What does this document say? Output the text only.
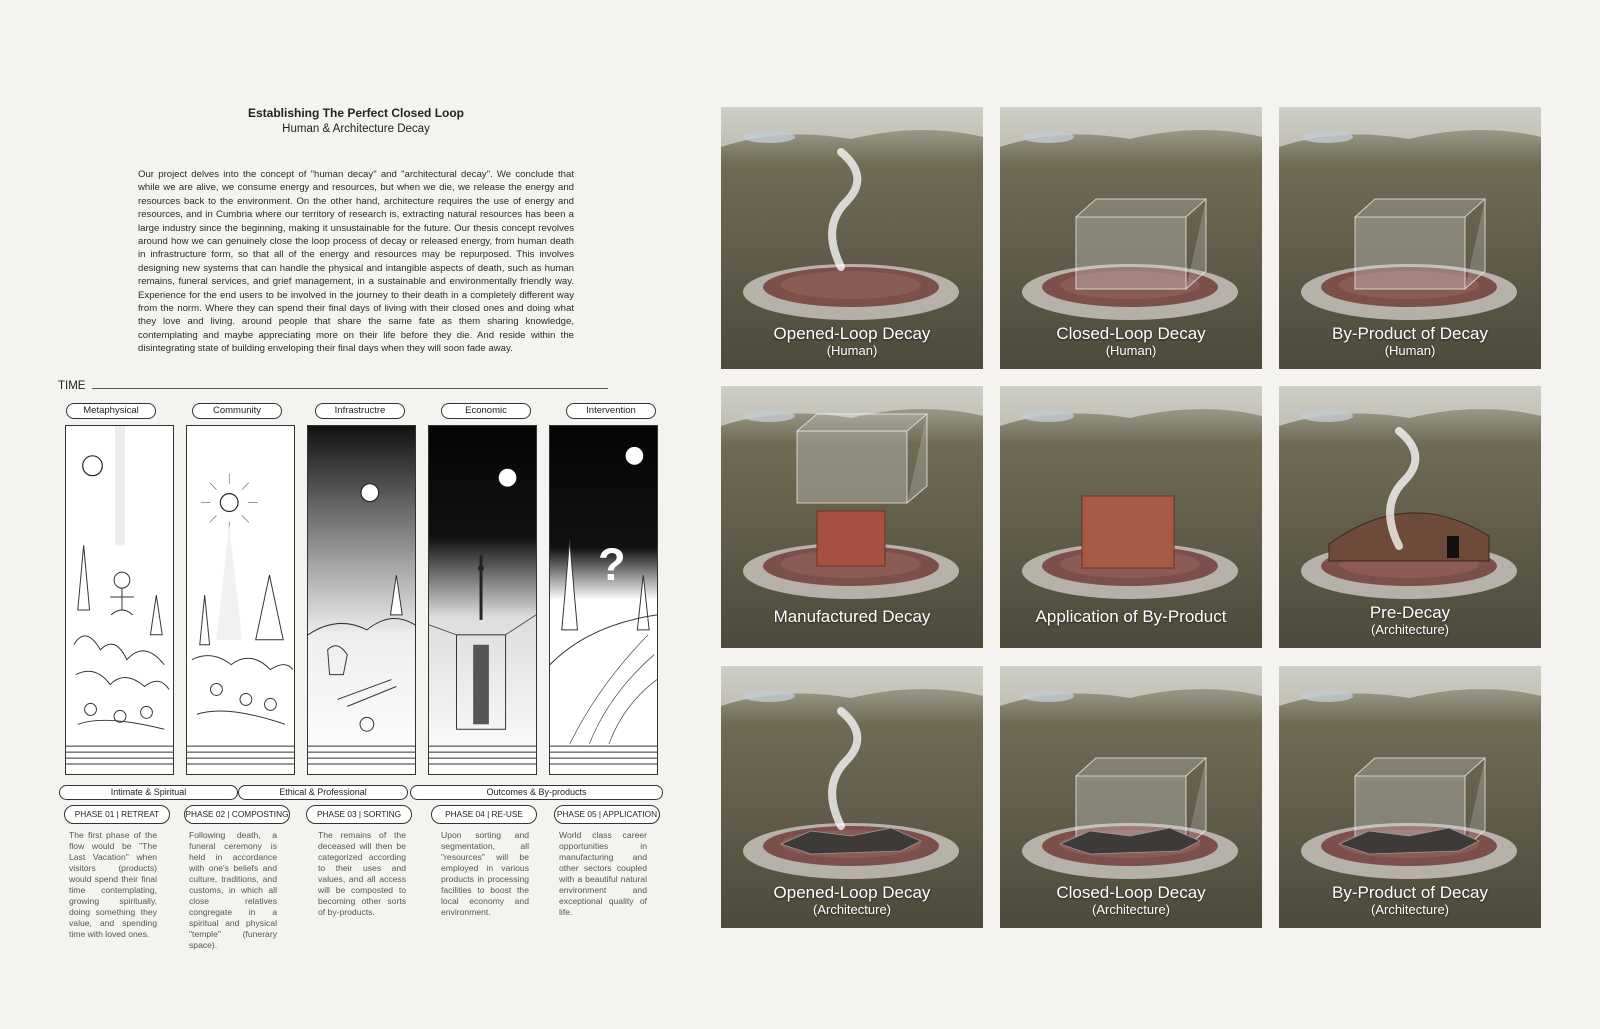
Establishing The Perfect Closed Loop
Human & Architecture Decay
Our project delves into the concept of "human decay" and "architectural decay". We conclude that while we are alive, we consume energy and resources, but when we die, we release the energy and resources back to the environment. On the other hand, architecture requires the use of energy and resources, and in Cumbria where our territory of research is, extracting natural resources has been a large industry since the beginning, making it unsustainable for the future. Our thesis concept revolves around how we can genuinely close the loop process of decay or released energy, from human death in infrastructure form, so that all of the energy and resources may be repurposed. This involves designing new systems that can handle the physical and intangible aspects of death, such as human remains, funeral services, and grief management, in a sustainable and environmentally friendly way. Experience for the end users to be involved in the journey to their death in a completely different way from the norm. Where they can spend their final days of living with their closed ones and doing what they love and living. around people that share the same fate as them sharing knowledge, contemplating and maybe appreciating more on their life before they die. And reside within the disintegrating state of building enveloping their final days when they will soon fade away.
TIME
Metaphysical	Community	Infrastructre	Economic	Intervention
?
Intimate & Spiritual	Ethical & Professional	Outcomes & By-products
PHASE 01 | RETREAT	PHASE 02 | COMPOSTING	PHASE 03 | SORTING	PHASE 04 | RE-USE	PHASE 05 | APPLICATION
The first phase of the flow would be "The Last Vacation" when visitors (products) would spend their final time contemplating, growing spiritually, doing something they value, and spending time with loved ones.
Following death, a funeral ceremony is held in accordance with one's beliefs and culture, traditions, and customs, in which all close relatives congregate in a spiritual and physical "temple" (funerary space).
The remains of the deceased will then be categorized according to their uses and values, and all access will be composted to becoming other sorts of by-products.
Upon sorting and segmentation, all "resources" will be employed in various products in processing facilities to boost the local economy and environment.
World class career opportunities in manufacturing and other sectors coupled with a beautiful natural environment and exceptional quality of life.
Opened-Loop Decay
(Human)
Closed-Loop Decay
(Human)
By-Product of Decay
(Human)
Manufactured Decay	Application of By-Product	Pre-Decay
(Architecture)
Opened-Loop Decay
(Architecture)
Closed-Loop Decay
(Architecture)
By-Product of Decay
(Architecture)
